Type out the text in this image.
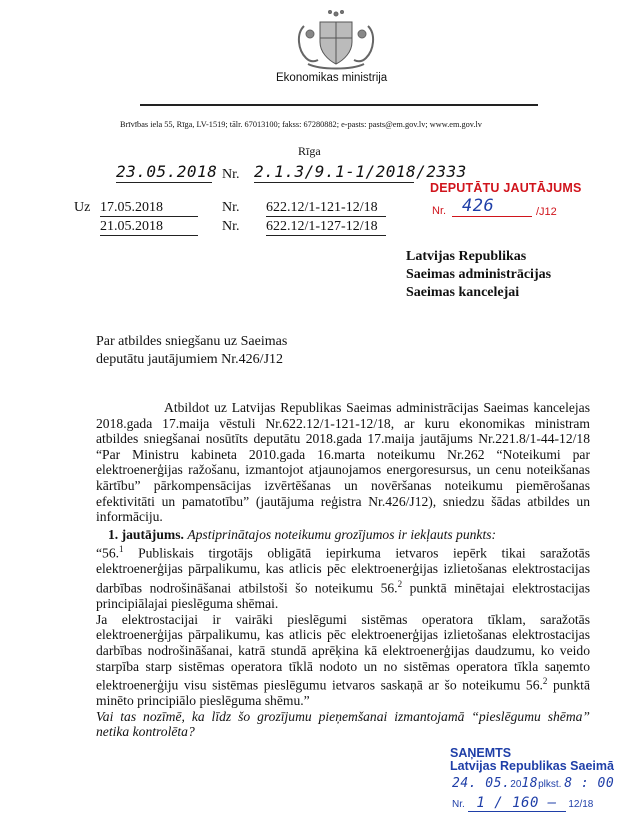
Ekonomikas ministrija
Brīvības iela 55, Rīga, LV-1519; tālr. 67013100; fakss: 67280882; e-pasts: pasts@em.gov.lv; www.em.gov.lv
Rīga
23.05.2018 Nr. 2.1.3/9.1-1/2018/2333
Uz 17.05.2018	Nr. 622.12/1-121-12/18
21.05.2018	Nr. 622.12/1-127-12/18
DEPUTĀTU JAUTĀJUMS
Nr. 426	/J12
Latvijas Republikas
Saeimas administrācijas
Saeimas kancelejai
Par atbildes sniegšanu uz Saeimas
deputātu jautājumiem Nr.426/J12

Atbildot uz Latvijas Republikas Saeimas administrācijas Saeimas kancelejas 2018.gada 17.maija vēstuli Nr.622.12/1-121-12/18, ar kuru ekonomikas ministram atbildes sniegšanai nosūtīts deputātu 2018.gada 17.maija jautājums Nr.221.8/1-44-12/18 “Par Ministru kabineta 2010.gada 16.marta noteikumu Nr.262 “Noteikumi par elektroenerģijas ražošanu, izmantojot atjaunojamos energoresursus, un cenu noteikšanas kārtību” pārkompensācijas izvērtēšanas un novēršanas noteikumu piemērošanas efektivitāti un pamatotību” (jautājuma reģistra Nr.426/J12), sniedzu šādas atbildes un informāciju.

1. jautājums. Apstiprinātajos noteikumu grozījumos ir iekļauts punkts:
“56.$^1$ Publiskais tirgotājs obligātā iepirkuma ietvaros iepērk tikai saražotās elektroenerģijas pārpalikumu, kas atlicis pēc elektroenerģijas izlietošanas elektrostacijas darbības nodrošināšanai atbilstoši šo noteikumu 56.$^2$ punktā minētajai elektrostacijas principiālajai pieslēguma shēmai.

Ja elektrostacijai ir vairāki pieslēgumi sistēmas operatora tīklam, saražotās elektroenerģijas pārpalikumu, kas atlicis pēc elektroenerģijas izlietošanas elektrostacijas darbības nodrošināšanai, katrā stundā aprēķina kā elektroenerģijas daudzumu, ko veido starpība starp sistēmas operatora tīklā nodoto un no sistēmas operatora tīkla saņemto elektroenerģiju visu sistēmas pieslēgumu ietvaros saskaņā ar šo noteikumu 56.$^2$ punktā minēto principiālo pieslēguma shēmu.”

Vai tas nozīmē, ka līdz šo grozījumu pieņemšanai izmantojamā “pieslēgumu shēma” netika kontrolēta?

SAŅEMTS
Latvijas Republikas Saeimā
24. 05.2018plkst. 8 : 00
Nr. 1 / 160 – 12/18
